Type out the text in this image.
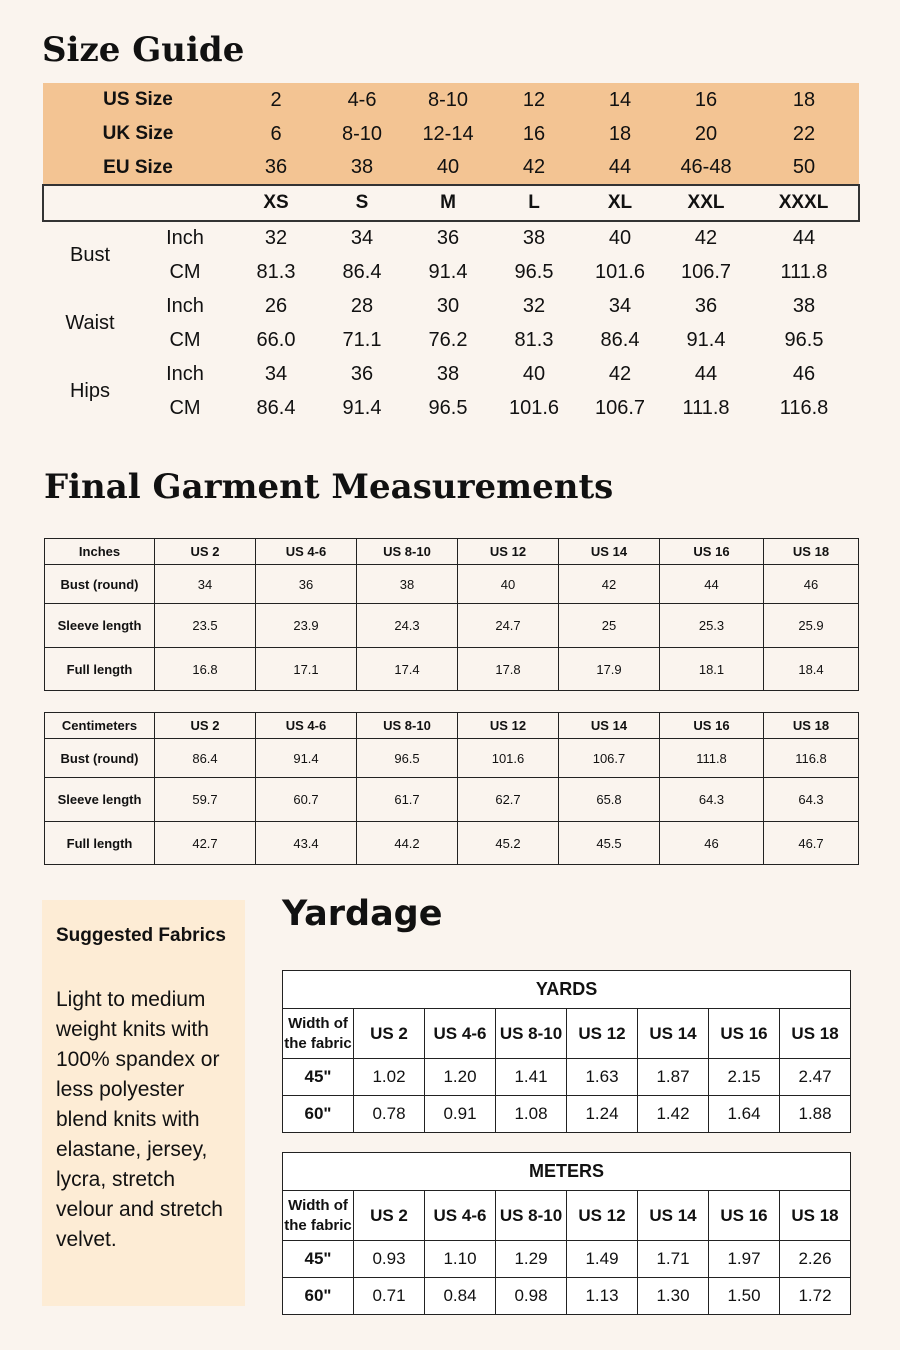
Size Guide
US Size		2	4-6	8-10	12	14	16	18
UK Size		6	8-10	12-14	16	18	20	22
EU Size		36	38	40	42	44	46-48	50
		XS	S	M	L	XL	XXL	XXXL
Bust	Inch	32	34	36	38	40	42	44
	CM	81.3	86.4	91.4	96.5	101.6	106.7	111.8
Waist	Inch	26	28	30	32	34	36	38
	CM	66.0	71.1	76.2	81.3	86.4	91.4	96.5
Hips	Inch	34	36	38	40	42	44	46
	CM	86.4	91.4	96.5	101.6	106.7	111.8	116.8
Final Garment Measurements
Inches	US 2	US 4-6	US 8-10	US 12	US 14	US 16	US 18
Bust (round)	34	36	38	40	42	44	46
Sleeve length	23.5	23.9	24.3	24.7	25	25.3	25.9
Full length	16.8	17.1	17.4	17.8	17.9	18.1	18.4
Centimeters	US 2	US 4-6	US 8-10	US 12	US 14	US 16	US 18
Bust (round)	86.4	91.4	96.5	101.6	106.7	111.8	116.8
Sleeve length	59.7	60.7	61.7	62.7	65.8	64.3	64.3
Full length	42.7	43.4	44.2	45.2	45.5	46	46.7
Suggested Fabrics
Light to medium weight knits with 100% spandex or less polyester blend knits with elastane, jersey, lycra, stretch velour and stretch velvet.
Yardage
YARDS							
Width of the fabric	US 2	US 4-6	US 8-10	US 12	US 14	US 16	US 18
45"	1.02	1.20	1.41	1.63	1.87	2.15	2.47
60"	0.78	0.91	1.08	1.24	1.42	1.64	1.88
METERS							
Width of the fabric	US 2	US 4-6	US 8-10	US 12	US 14	US 16	US 18
45"	0.93	1.10	1.29	1.49	1.71	1.97	2.26
60"	0.71	0.84	0.98	1.13	1.30	1.50	1.72
